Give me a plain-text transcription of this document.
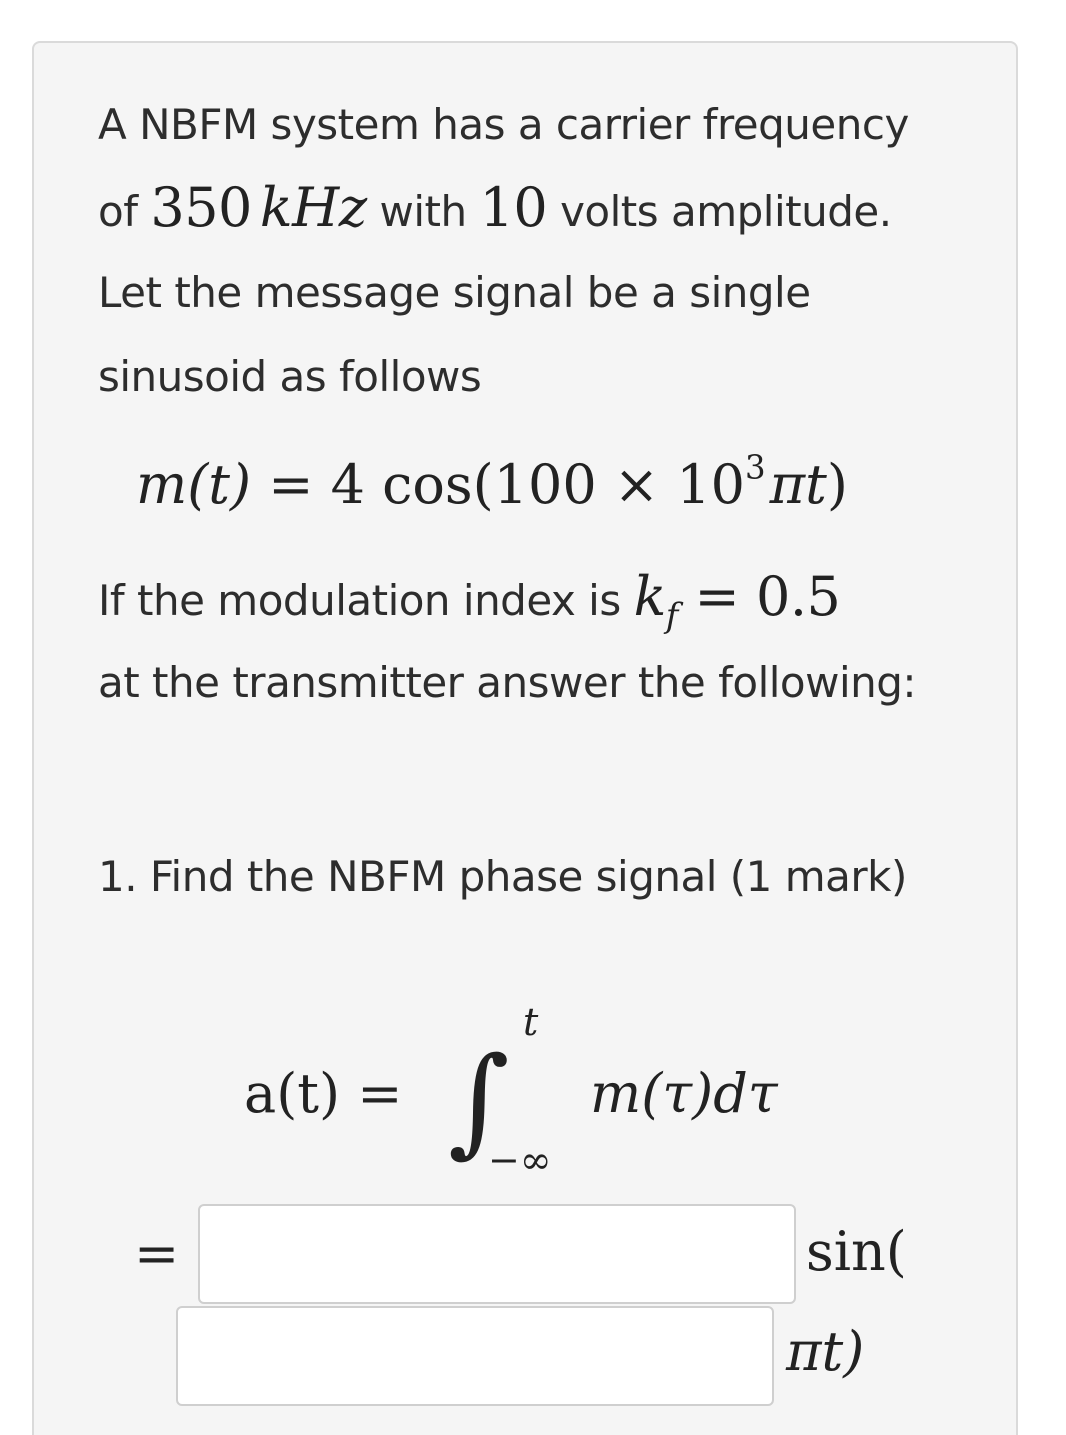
A NBFM system has a carrier frequency
of 350 kHz with 10 volts amplitude.
Let the message signal be a single
sinusoid as follows
m(t) = 4 $\cos(100 \times 10^3\pi t)$
If the modulation index is $k_f = 0.5$
at the transmitter answer the following:
1. Find the NBFM phase signal (1 mark)
a(t) = ∫
t
−∞
m(τ)dτ
=	sin(
πt)
